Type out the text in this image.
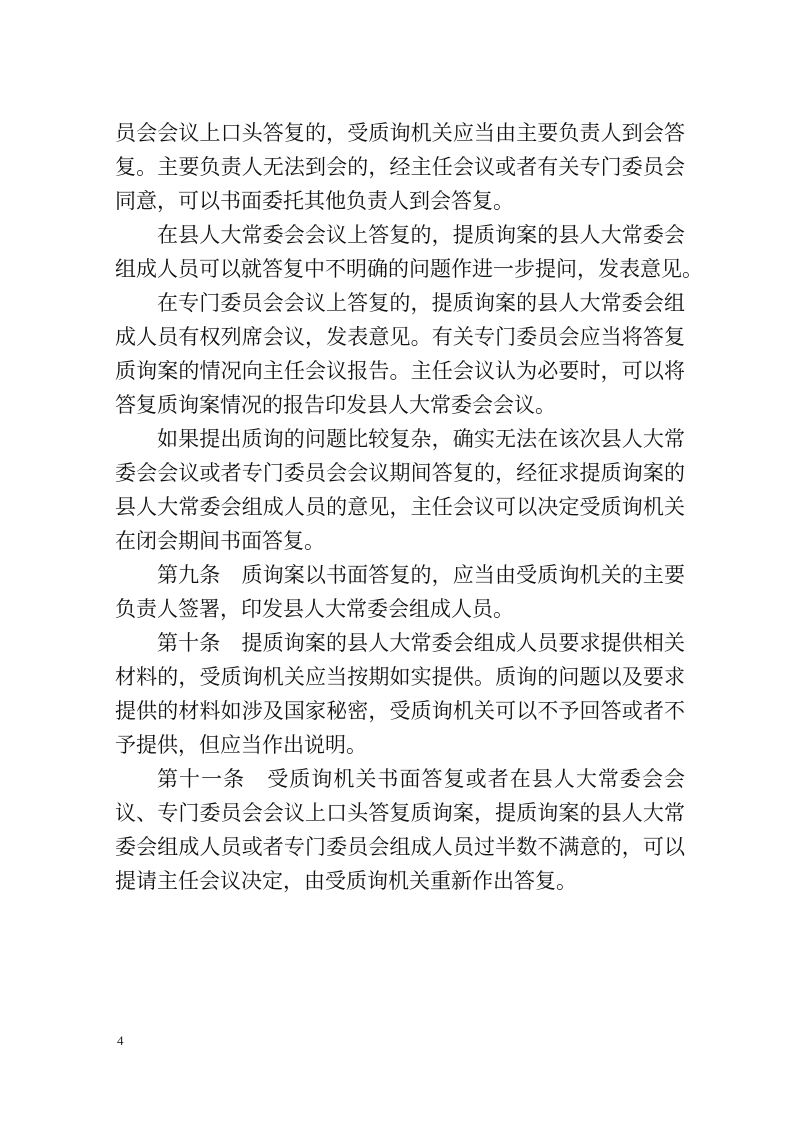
员会会议上口头答复的，受质询机关应当由主要负责人到会答
复。主要负责人无法到会的，经主任会议或者有关专门委员会
同意，可以书面委托其他负责人到会答复。
在县人大常委会会议上答复的，提质询案的县人大常委会
组成人员可以就答复中不明确的问题作进一步提问，发表意见。
在专门委员会会议上答复的，提质询案的县人大常委会组
成人员有权列席会议，发表意见。有关专门委员会应当将答复
质询案的情况向主任会议报告。主任会议认为必要时，可以将
答复质询案情况的报告印发县人大常委会会议。
如果提出质询的问题比较复杂，确实无法在该次县人大常
委会会议或者专门委员会会议期间答复的，经征求提质询案的
县人大常委会组成人员的意见，主任会议可以决定受质询机关
在闭会期间书面答复。
第九条　质询案以书面答复的，应当由受质询机关的主要
负责人签署，印发县人大常委会组成人员。
第十条　提质询案的县人大常委会组成人员要求提供相关
材料的，受质询机关应当按期如实提供。质询的问题以及要求
提供的材料如涉及国家秘密，受质询机关可以不予回答或者不
予提供，但应当作出说明。
第十一条　受质询机关书面答复或者在县人大常委会会
议、专门委员会会议上口头答复质询案，提质询案的县人大常
委会组成人员或者专门委员会组成人员过半数不满意的，可以
提请主任会议决定，由受质询机关重新作出答复。
4
